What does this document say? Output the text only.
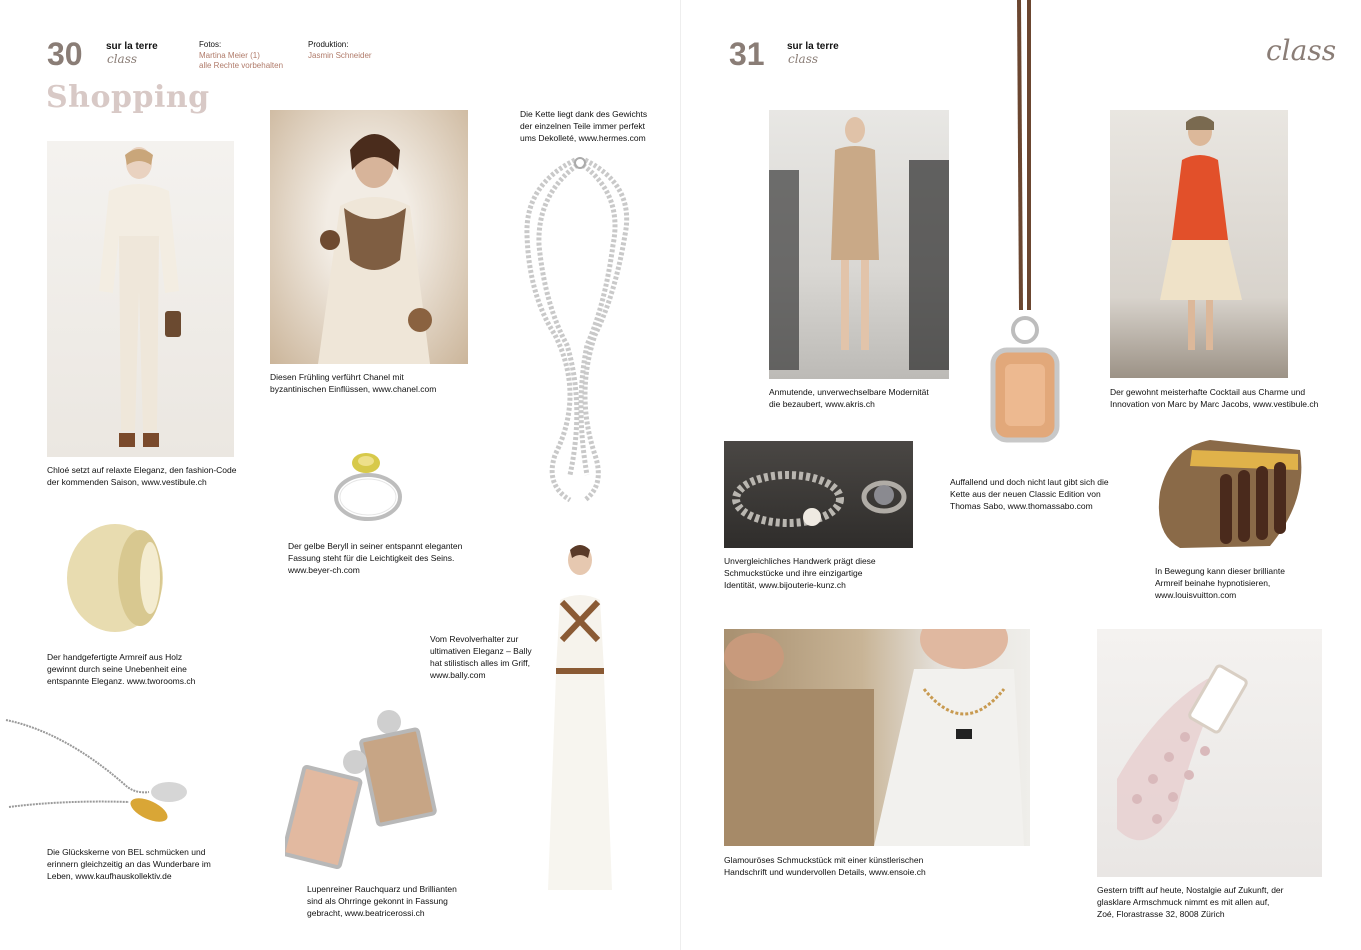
30 sur la terre
class
Fotos:
Martina Meier (1)
alle Rechte vorbehalten
Produktion:
Jasmin Schneider
Shopping
Chloé setzt auf relaxte Eleganz, den fashion-Code
der kommenden Saison, www.vestibule.ch
Diesen Frühling verführt Chanel mit
byzantinischen Einflüssen, www.chanel.com
Die Kette liegt dank des Gewichts
der einzelnen Teile immer perfekt
ums Dekolleté, www.hermes.com
Der gelbe Beryll in seiner entspannt eleganten
Fassung steht für die Leichtigkeit des Seins.
www.beyer-ch.com
Der handgefertigte Armreif aus Holz
gewinnt durch seine Unebenheit eine
entspannte Eleganz. www.tworooms.ch
Die Glückskerne von BEL schmücken und
erinnern gleichzeitig an das Wunderbare im
Leben, www.kaufhauskollektiv.de
Lupenreiner Rauchquarz und Brillianten
sind als Ohrringe gekonnt in Fassung
gebracht, www.beatricerossi.ch
Vom Revolverhalter zur
ultimativen Eleganz – Bally
hat stilistisch alles im Griff,
www.bally.com
31 sur la terre
class	class
Anmutende, unverwechselbare Modernität
die bezaubert, www.akris.ch
Auffallend und doch nicht laut gibt sich die
Kette aus der neuen Classic Edition von
Thomas Sabo, www.thomassabo.com
Der gewohnt meisterhafte Cocktail aus Charme und
Innovation von Marc by Marc Jacobs, www.vestibule.ch
Unvergleichliches Handwerk prägt diese
Schmuckstücke und ihre einzigartige
Identität, www.bijouterie-kunz.ch
In Bewegung kann dieser brilliante
Armreif beinahe hypnotisieren,
www.louisvuitton.com
Glamouröses Schmuckstück mit einer künstlerischen
Handschrift und wundervollen Details, www.ensoie.ch
Gestern trifft auf heute, Nostalgie auf Zukunft, der
glasklare Armschmuck nimmt es mit allen auf,
Zoé, Florastrasse 32, 8008 Zürich
